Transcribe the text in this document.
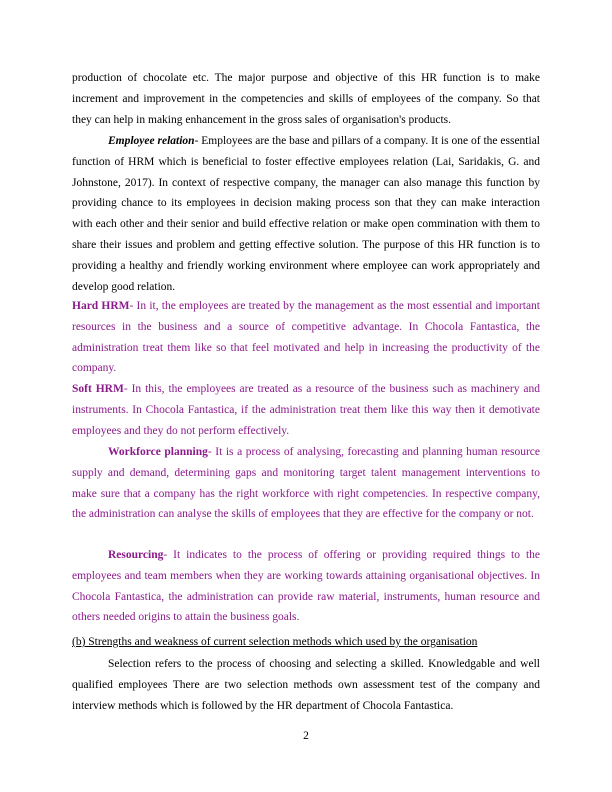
production of chocolate etc. The major purpose and objective of this HR function is to make increment and improvement in the competencies and skills of employees of the company. So that they can help in making enhancement in the gross sales of organisation's products.

Employee relation- Employees are the base and pillars of a company. It is one of the essential function of HRM which is beneficial to foster effective employees relation (Lai, Saridakis, G. and Johnstone, 2017). In context of respective company, the manager can also manage this function by providing chance to its employees in decision making process son that they can make interaction with each other and their senior and build effective relation or make open commination with them to share their issues and problem and getting effective solution. The purpose of this HR function is to providing a healthy and friendly working environment where employee can work appropriately and develop good relation.

Hard HRM- In it, the employees are treated by the management as the most essential and important resources in the business and a source of competitive advantage. In Chocola Fantastica, the administration treat them like so that feel motivated and help in increasing the productivity of the company.

Soft HRM- In this, the employees are treated as a resource of the business such as machinery and instruments. In Chocola Fantastica, if the administration treat them like this way then it demotivate employees and they do not perform effectively.

Workforce planning- It is a process of analysing, forecasting and planning human resource supply and demand, determining gaps and monitoring target talent management interventions to make sure that a company has the right workforce with right competencies. In respective company, the administration can analyse the skills of employees that they are effective for the company or not.

Resourcing- It indicates to the process of offering or providing required things to the employees and team members when they are working towards attaining organisational objectives. In Chocola Fantastica, the administration can provide raw material, instruments, human resource and others needed origins to attain the business goals.

(b) Strengths and weakness of current selection methods which used by the organisation

Selection refers to the process of choosing and selecting a skilled. Knowledgable and well qualified employees There are two selection methods own assessment test of the company and interview methods which is followed by the HR department of Chocola Fantastica.

2
